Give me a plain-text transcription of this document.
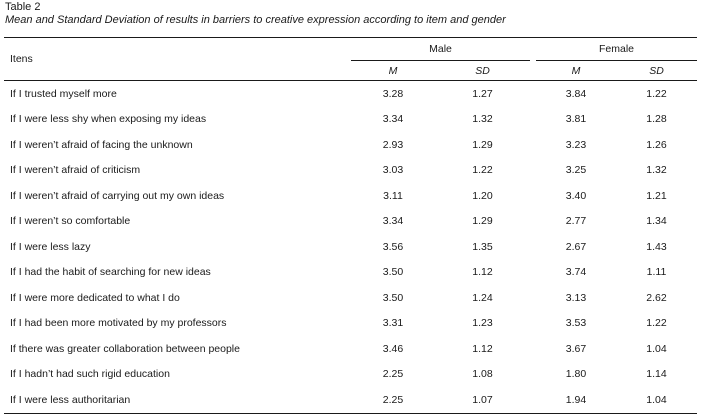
Table 2
Mean and Standard Deviation of results in barriers to creative expression according to item and gender
Itens	Male			Female	
	M	SD		M	SD
If I trusted myself more	3.28	1.27		3.84	1.22
If I were less shy when exposing my ideas	3.34	1.32		3.81	1.28
If I weren’t afraid of facing the unknown	2.93	1.29		3.23	1.26
If I weren’t afraid of criticism	3.03	1.22		3.25	1.32
If I weren’t afraid of carrying out my own ideas	3.11	1.20		3.40	1.21
If I weren’t so comfortable	3.34	1.29		2.77	1.34
If I were less lazy	3.56	1.35		2.67	1.43
If I had the habit of searching for new ideas	3.50	1.12		3.74	1.11
If I were more dedicated to what I do	3.50	1.24		3.13	2.62
If I had been more motivated by my professors	3.31	1.23		3.53	1.22
If there was greater collaboration between people	3.46	1.12		3.67	1.04
If I hadn’t had such rigid education	2.25	1.08		1.80	1.14
If I were less authoritarian	2.25	1.07		1.94	1.04
